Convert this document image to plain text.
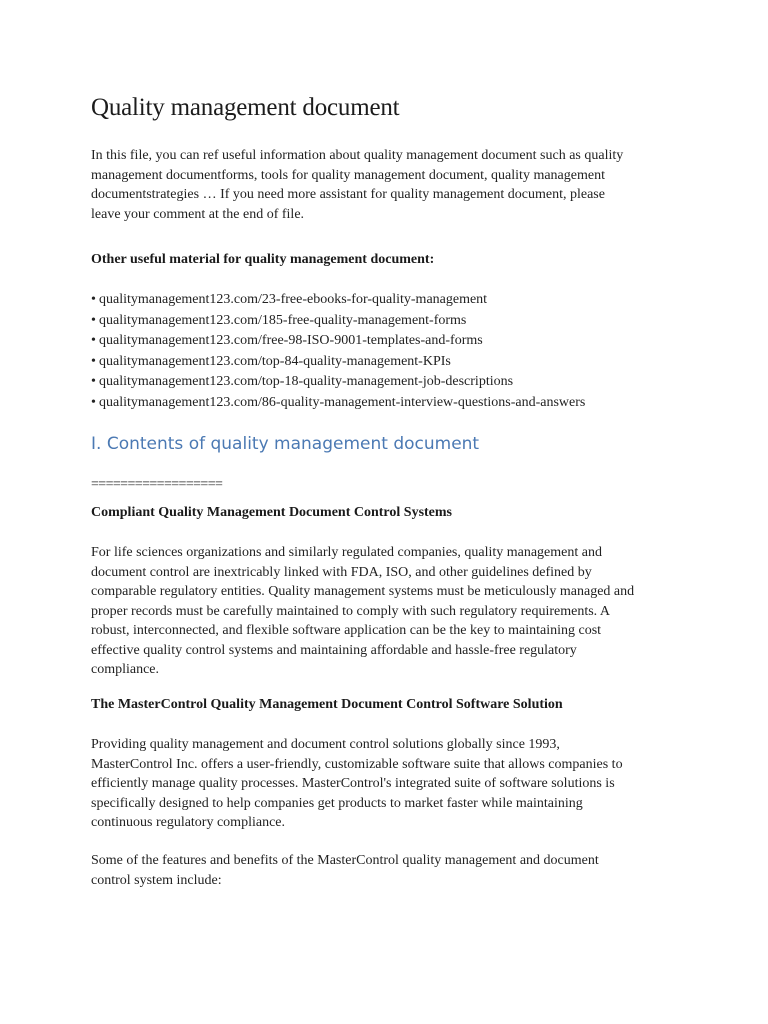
Quality management document
In this file, you can ref useful information about quality management document such as quality
management documentforms, tools for quality management document, quality management
documentstrategies … If you need more assistant for quality management document, please
leave your comment at the end of file.

Other useful material for quality management document:

• qualitymanagement123.com/23-free-ebooks-for-quality-management
• qualitymanagement123.com/185-free-quality-management-forms
• qualitymanagement123.com/free-98-ISO-9001-templates-and-forms
• qualitymanagement123.com/top-84-quality-management-KPIs
• qualitymanagement123.com/top-18-quality-management-job-descriptions
• qualitymanagement123.com/86-quality-management-interview-questions-and-answers
I. Contents of quality management document

==================

Compliant Quality Management Document Control Systems

For life sciences organizations and similarly regulated companies, quality management and
document control are inextricably linked with FDA, ISO, and other guidelines defined by
comparable regulatory entities. Quality management systems must be meticulously managed and
proper records must be carefully maintained to comply with such regulatory requirements. A
robust, interconnected, and flexible software application can be the key to maintaining cost
effective quality control systems and maintaining affordable and hassle-free regulatory
compliance.

The MasterControl Quality Management Document Control Software Solution

Providing quality management and document control solutions globally since 1993,
MasterControl Inc. offers a user-friendly, customizable software suite that allows companies to
efficiently manage quality processes. MasterControl's integrated suite of software solutions is
specifically designed to help companies get products to market faster while maintaining
continuous regulatory compliance.
Some of the features and benefits of the MasterControl quality management and document
control system include:
